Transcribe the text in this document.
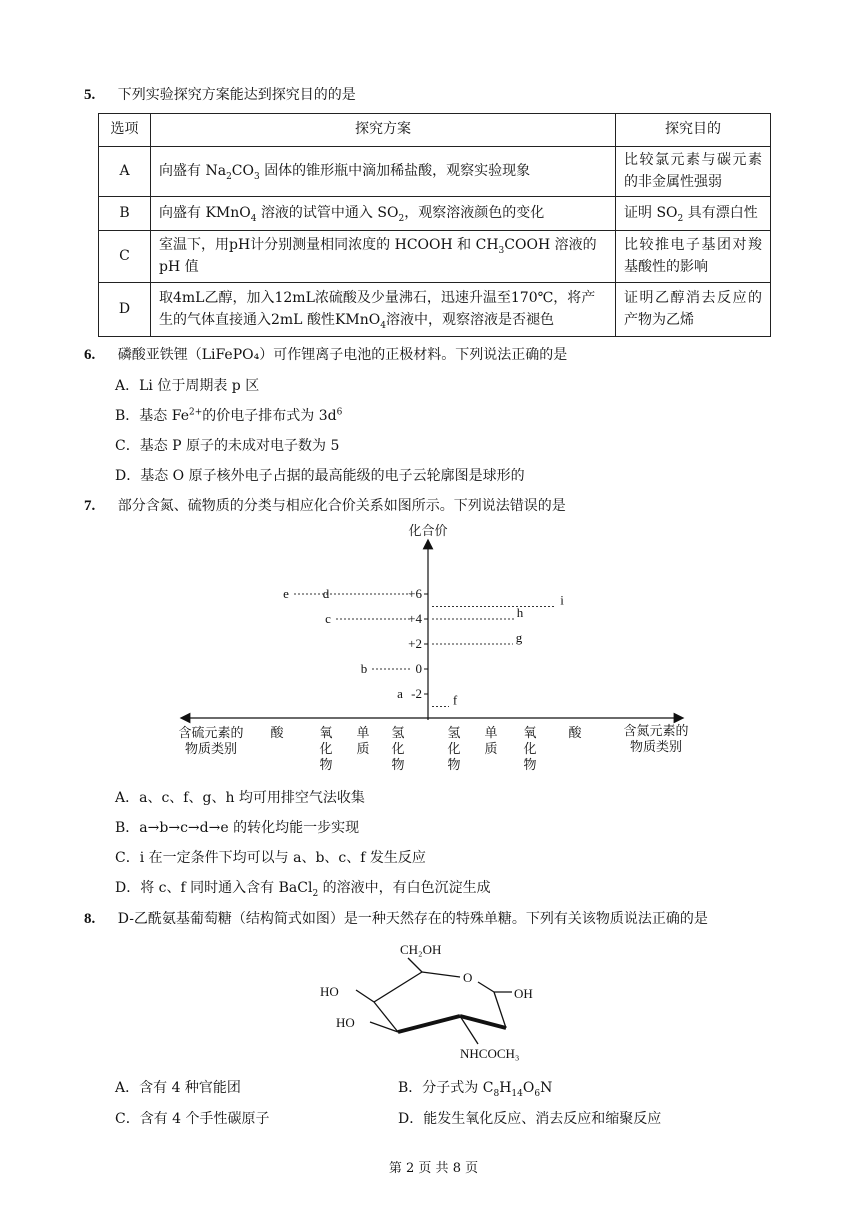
5. 下列实验探究方案能达到探究目的的是
选项	探究方案	探究目的
A	向盛有 $Na_2CO_3$ 固体的锥形瓶中滴加稀盐酸，观察实验现象	比较氯元素与碳元素的非金属性强弱
B	向盛有 KMnO$_4$ 溶液的试管中通入 $SO_2$，观察溶液颜色的变化	证明 $SO_2$ 具有漂白性
C	室温下，用pH计分别测量相同浓度的 HCOOH 和 $CH_3COOH$ 溶液的pH 值	比较推电子基团对羧基酸性的影响
D	取4mL乙醇，加入12mL浓硫酸及少量沸石，迅速升温至170℃，将产生的气体直接通入2mL 酸性KMnO$_4$溶液中，观察溶液是否褪色	证明乙醇消去反应的产物为乙烯
6. 磷酸亚铁锂（LiFePO₄）可作锂离子电池的正极材料。下列说法正确的是
A．Li 位于周期表 p 区
B．基态 $Fe^{2+}$的价电子排布式为 $3d^6$
C．基态 P 原子的未成对电子数为 5
D．基态 O 原子核外电子占据的最高能级的电子云轮廓图是球形的
7. 部分含氮、硫物质的分类与相应化合价关系如图所示。下列说法错误的是
化合价
+6
+4
+2
0
-2
酸	氧
化
物
单
质
氢
化
物
氢
化
物
单
质
氧
化
物
酸
含硫元素的
物质类别
含氮元素的
物质类别
e	d
c
b
a	f
g
h
i
A．a、c、f、g、h 均可用排空气法收集
B．a→b→c→d→e 的转化均能一步实现
C．i 在一定条件下均可以与 a、b、c、f 发生反应
D．将 c、f 同时通入含有 BaCl$_2$ 的溶液中，有白色沉淀生成
8. D-乙酰氨基葡萄糖（结构简式如图）是一种天然存在的特殊单糖。下列有关该物质说法正确的是
CH₂OH
O
HO	OH
HO
NHCOCH₃
A．含有 4 种官能团	B．分子式为 $C_8H_{14}O_6N$
C．含有 4 个手性碳原子	D．能发生氧化反应、消去反应和缩聚反应
第 2 页 共 8 页
